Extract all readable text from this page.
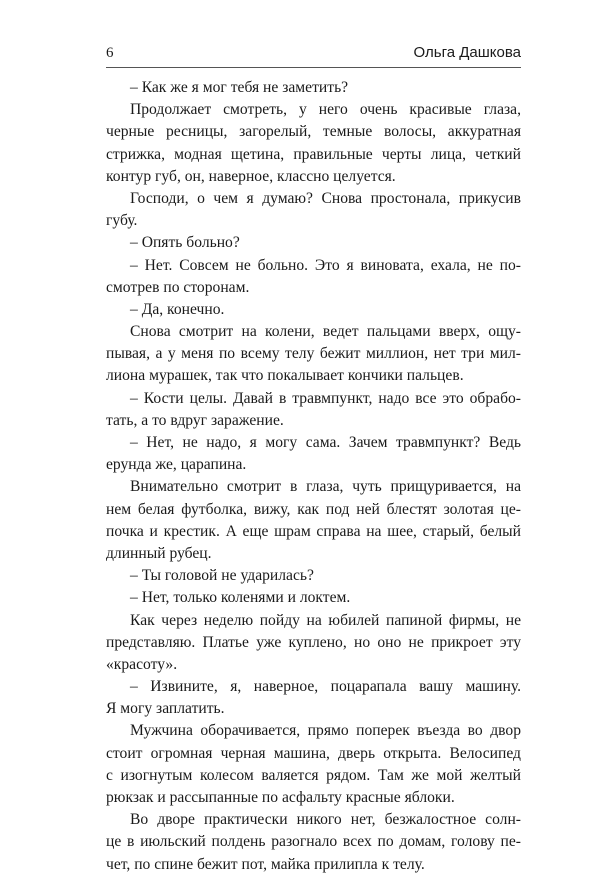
6	Ольга Дашкова
– Как же я мог тебя не заметить?
Продолжает смотреть, у него очень красивые глаза,
черные ресницы, загорелый, темные волосы, аккуратная
стрижка, модная щетина, правильные черты лица, четкий
контур губ, он, наверное, классно целуется.
Господи, о чем я думаю? Снова простонала, прикусив
губу.
– Опять больно?
– Нет. Совсем не больно. Это я виновата, ехала, не по-
смотрев по сторонам.
– Да, конечно.
Снова смотрит на колени, ведет пальцами вверх, ощу-
пывая, а у меня по всему телу бежит миллион, нет три мил-
лиона мурашек, так что покалывает кончики пальцев.
– Кости целы. Давай в травмпункт, надо все это обрабо-
тать, а то вдруг заражение.
– Нет, не надо, я могу сама. Зачем травмпункт? Ведь
ерунда же, царапина.
Внимательно смотрит в глаза, чуть прищуривается, на
нем белая футболка, вижу, как под ней блестят золотая це-
почка и крестик. А еще шрам справа на шее, старый, белый
длинный рубец.
– Ты головой не ударилась?
– Нет, только коленями и локтем.
Как через неделю пойду на юбилей папиной фирмы, не
представляю. Платье уже куплено, но оно не прикроет эту
«красоту».
– Извините, я, наверное, поцарапала вашу машину.
Я могу заплатить.
Мужчина оборачивается, прямо поперек въезда во двор
стоит огромная черная машина, дверь открыта. Велосипед
с изогнутым колесом валяется рядом. Там же мой желтый
рюкзак и рассыпанные по асфальту красные яблоки.
Во дворе практически никого нет, безжалостное солн-
це в июльский полдень разогнало всех по домам, голову пе-
чет, по спине бежит пот, майка прилипла к телу.
